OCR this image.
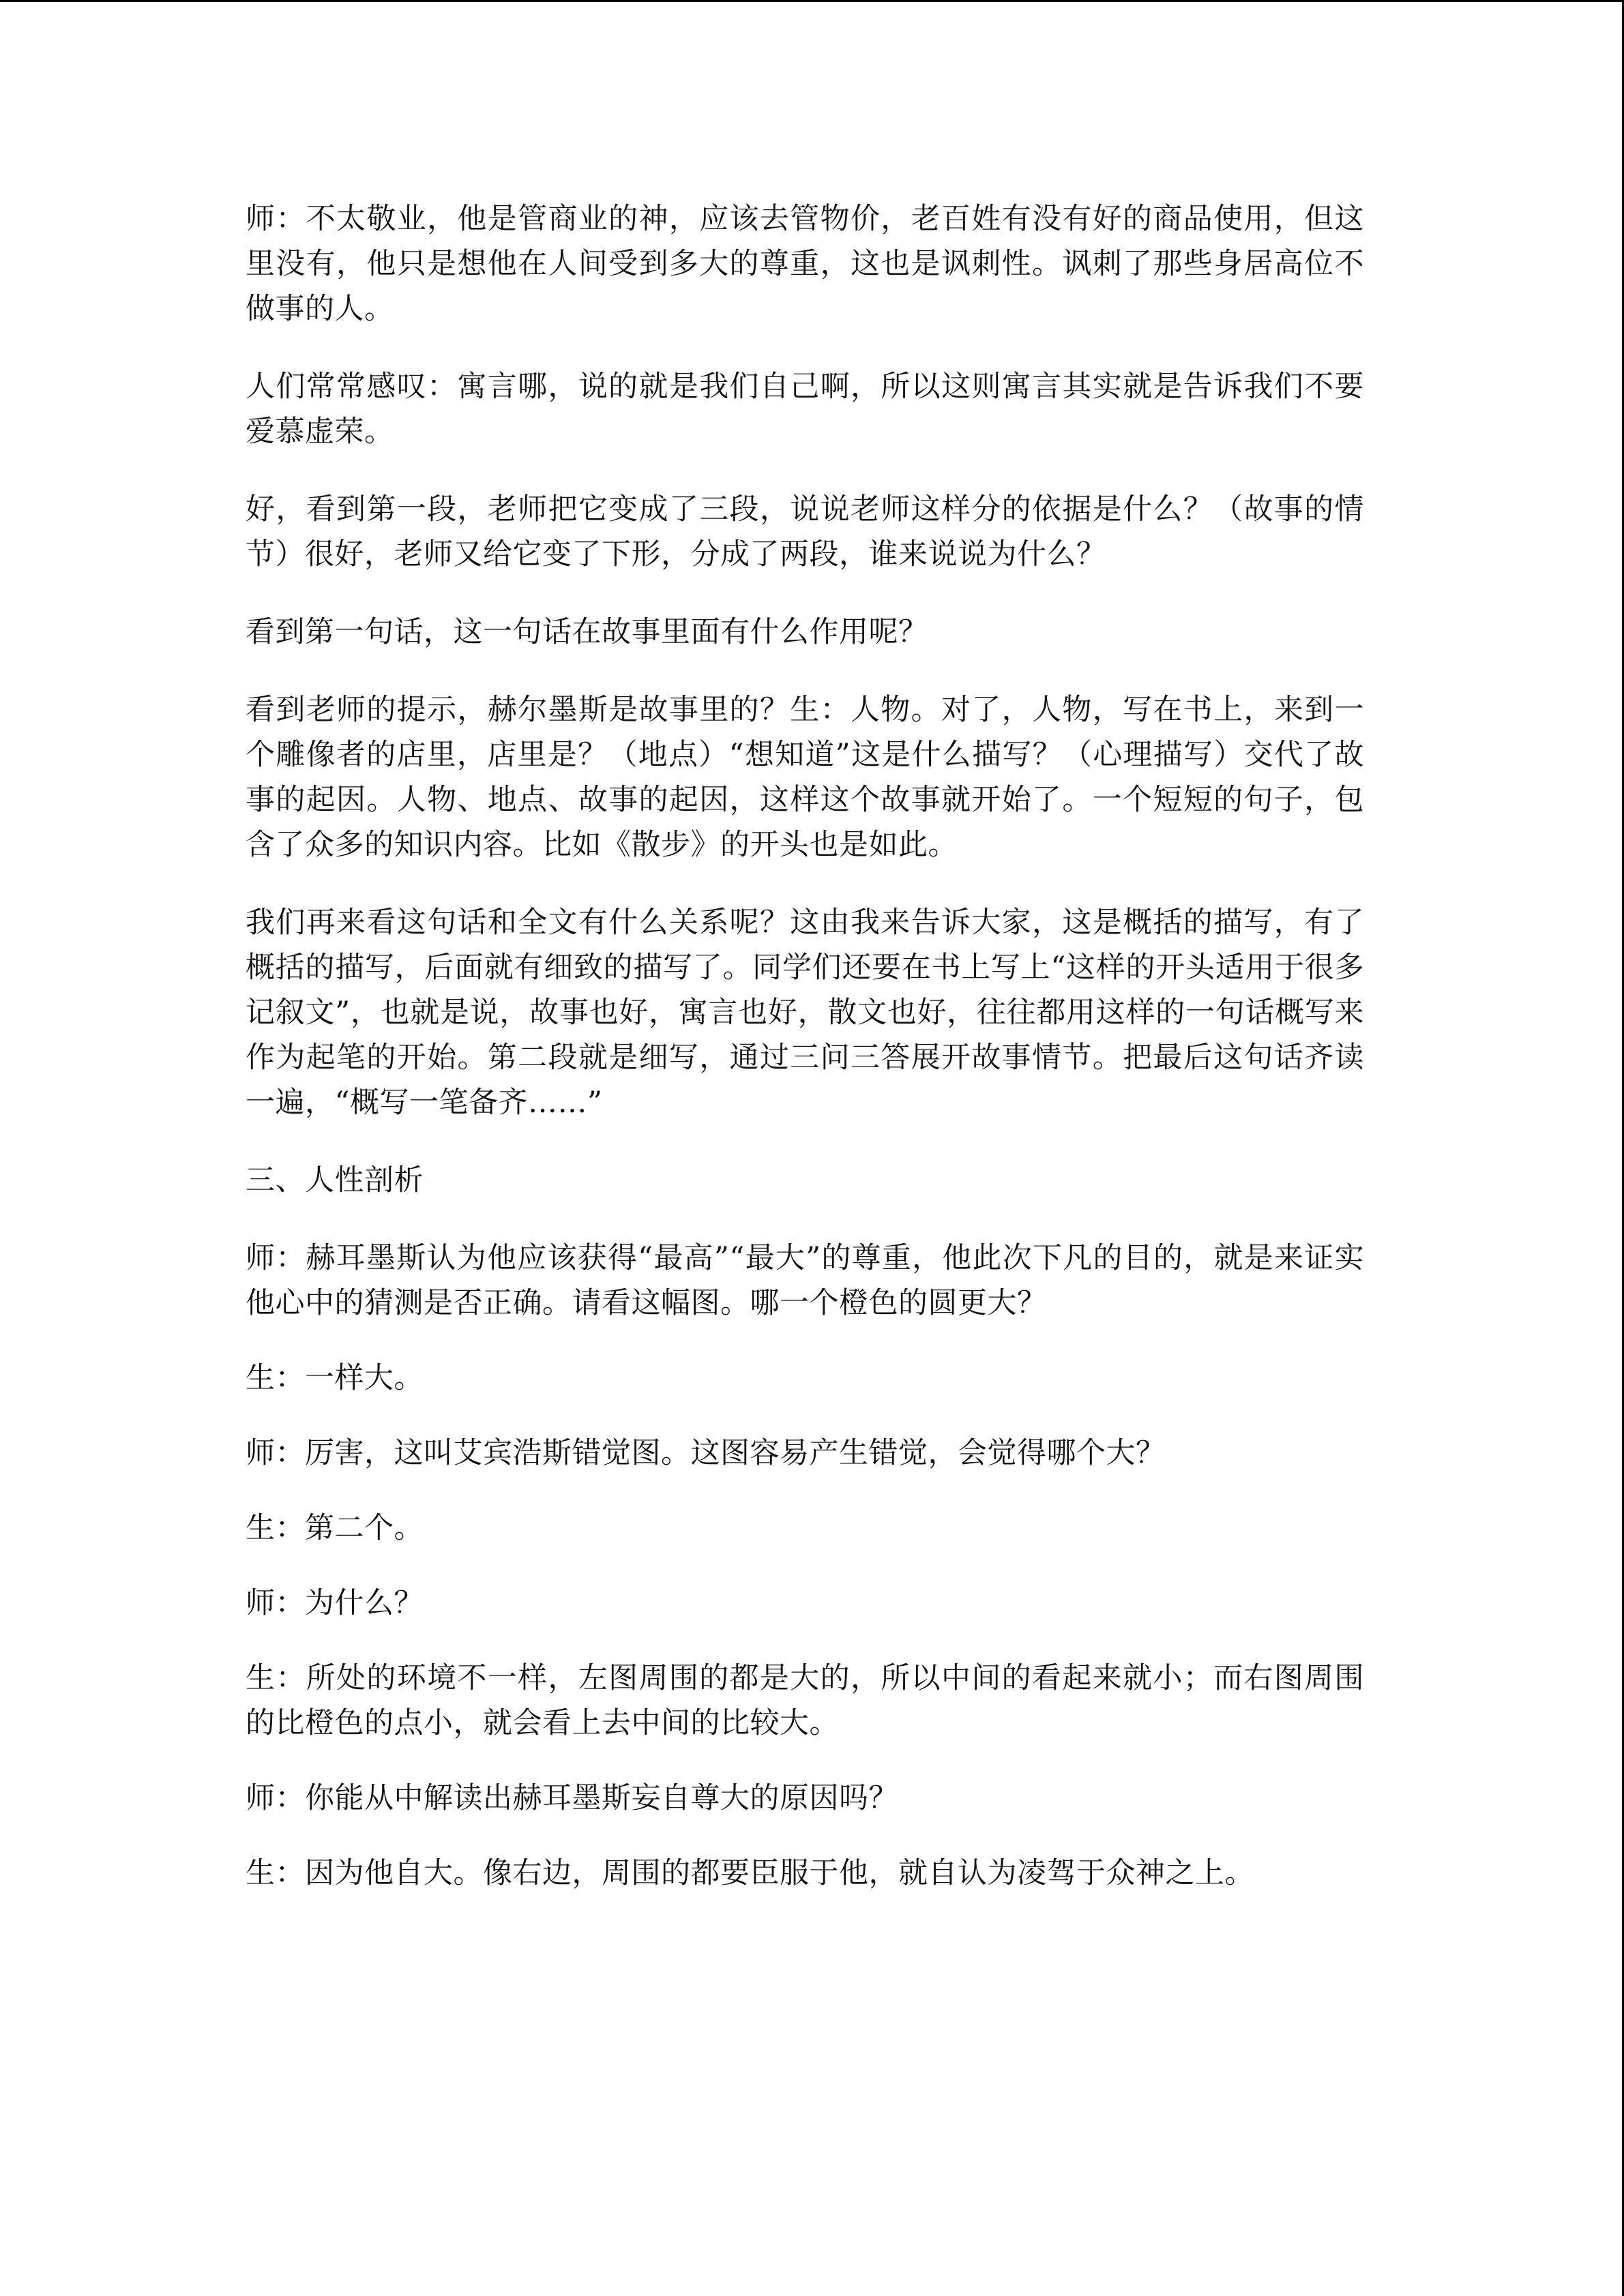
师：不太敬业，他是管商业的神，应该去管物价，老百姓有没有好的商品使用，但这里没有，他只是想他在人间受到多大的尊重，这也是讽刺性。讽刺了那些身居高位不做事的人。

人们常常感叹：寓言哪，说的就是我们自己啊，所以这则寓言其实就是告诉我们不要爱慕虚荣。

好，看到第一段，老师把它变成了三段，说说老师这样分的依据是什么？（故事的情节）很好，老师又给它变了下形，分成了两段，谁来说说为什么？

看到第一句话，这一句话在故事里面有什么作用呢？

看到老师的提示，赫尔墨斯是故事里的？生：人物。对了，人物，写在书上，来到一个雕像者的店里，店里是？（地点）“想知道”这是什么描写？（心理描写）交代了故事的起因。人物、地点、故事的起因，这样这个故事就开始了。一个短短的句子，包含了众多的知识内容。比如《散步》的开头也是如此。

我们再来看这句话和全文有什么关系呢？这由我来告诉大家，这是概括的描写，有了概括的描写，后面就有细致的描写了。同学们还要在书上写上“这样的开头适用于很多记叙文”，也就是说，故事也好，寓言也好，散文也好，往往都用这样的一句话概写来作为起笔的开始。第二段就是细写，通过三问三答展开故事情节。把最后这句话齐读一遍，“概写一笔备齐……”

三、人性剖析

师：赫耳墨斯认为他应该获得“最高”“最大”的尊重，他此次下凡的目的，就是来证实他心中的猜测是否正确。请看这幅图。哪一个橙色的圆更大？

生：一样大。

师：厉害，这叫艾宾浩斯错觉图。这图容易产生错觉，会觉得哪个大？

生：第二个。

师：为什么？

生：所处的环境不一样，左图周围的都是大的，所以中间的看起来就小；而右图周围的比橙色的点小，就会看上去中间的比较大。

师：你能从中解读出赫耳墨斯妄自尊大的原因吗？

生：因为他自大。像右边，周围的都要臣服于他，就自认为凌驾于众神之上。
